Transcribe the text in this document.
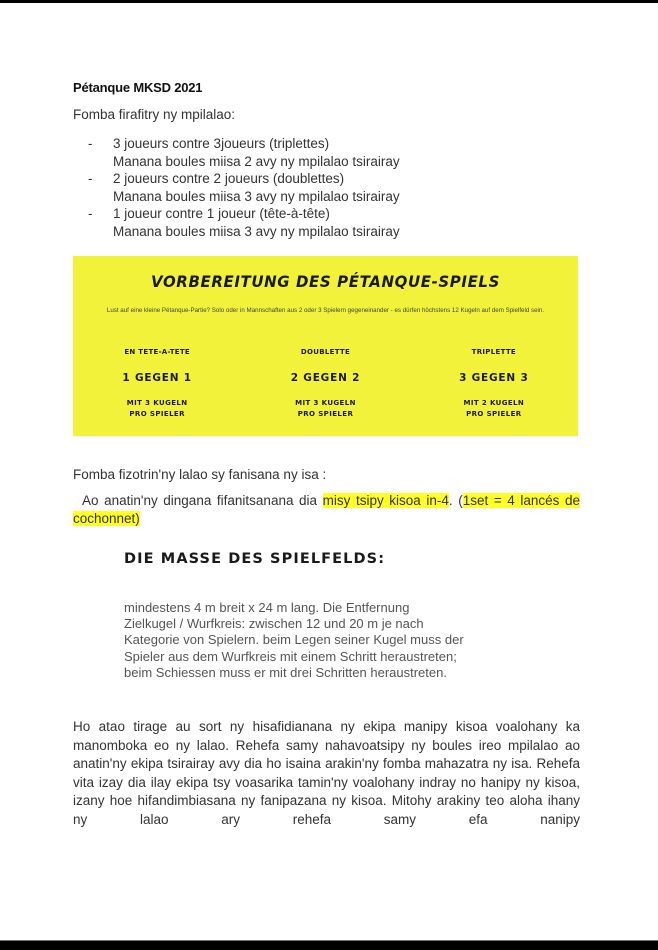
Pétanque MKSD 2021
Fomba firafitry ny mpilalao:
- 3 joueurs contre 3joueurs (triplettes)
Manana boules miisa 2 avy ny mpilalao tsirairay
- 2 joueurs contre 2 joueurs (doublettes)
Manana boules miisa 3 avy ny mpilalao tsirairay
- 1 joueur contre 1 joueur (tête-à-tête)
Manana boules miisa 3 avy ny mpilalao tsirairay
VORBEREITUNG DES PÉTANQUE-SPIELS
Lust auf eine kleine Pétanque-Partie? Solo oder in Mannschaften aus 2 oder 3 Spielern gegeneinander - es dürfen höchstens 12 Kugeln auf dem Spielfeld sein.
EN TETE-A-TETE
1 GEGEN 1
MIT 3 KUGELN
PRO SPIELER
DOUBLETTE
2 GEGEN 2
MIT 3 KUGELN
PRO SPIELER
TRIPLETTE
3 GEGEN 3
MIT 2 KUGELN
PRO SPIELER
Fomba fizotrin'ny lalao sy fanisana ny isa :
Ao anatin'ny dingana fifanitsanana dia misy tsipy kisoa in-4. (1set = 4 lancés de cochonnet)
DIE MASSE DES SPIELFELDS:
mindestens 4 m breit x 24 m lang. Die Entfernung Zielkugel / Wurfkreis: zwischen 12 und 20 m je nach Kategorie von Spielern. beim Legen seiner Kugel muss der Spieler aus dem Wurfkreis mit einem Schritt heraustreten; beim Schiessen muss er mit drei Schritten heraustreten.
Ho atao tirage au sort ny hisafidianana ny ekipa manipy kisoa voalohany ka manomboka eo ny lalao. Rehefa samy nahavoatsipy ny boules ireo mpilalao ao anatin'ny ekipa tsirairay avy dia ho isaina arakin'ny fomba mahazatra ny isa. Rehefa vita izay dia ilay ekipa tsy voasarika tamin'ny voalohany indray no hanipy ny kisoa, izany hoe hifandimbiasana ny fanipazana ny kisoa. Mitohy arakiny teo aloha ihany ny lalao ary rehefa samy efa nanipy
